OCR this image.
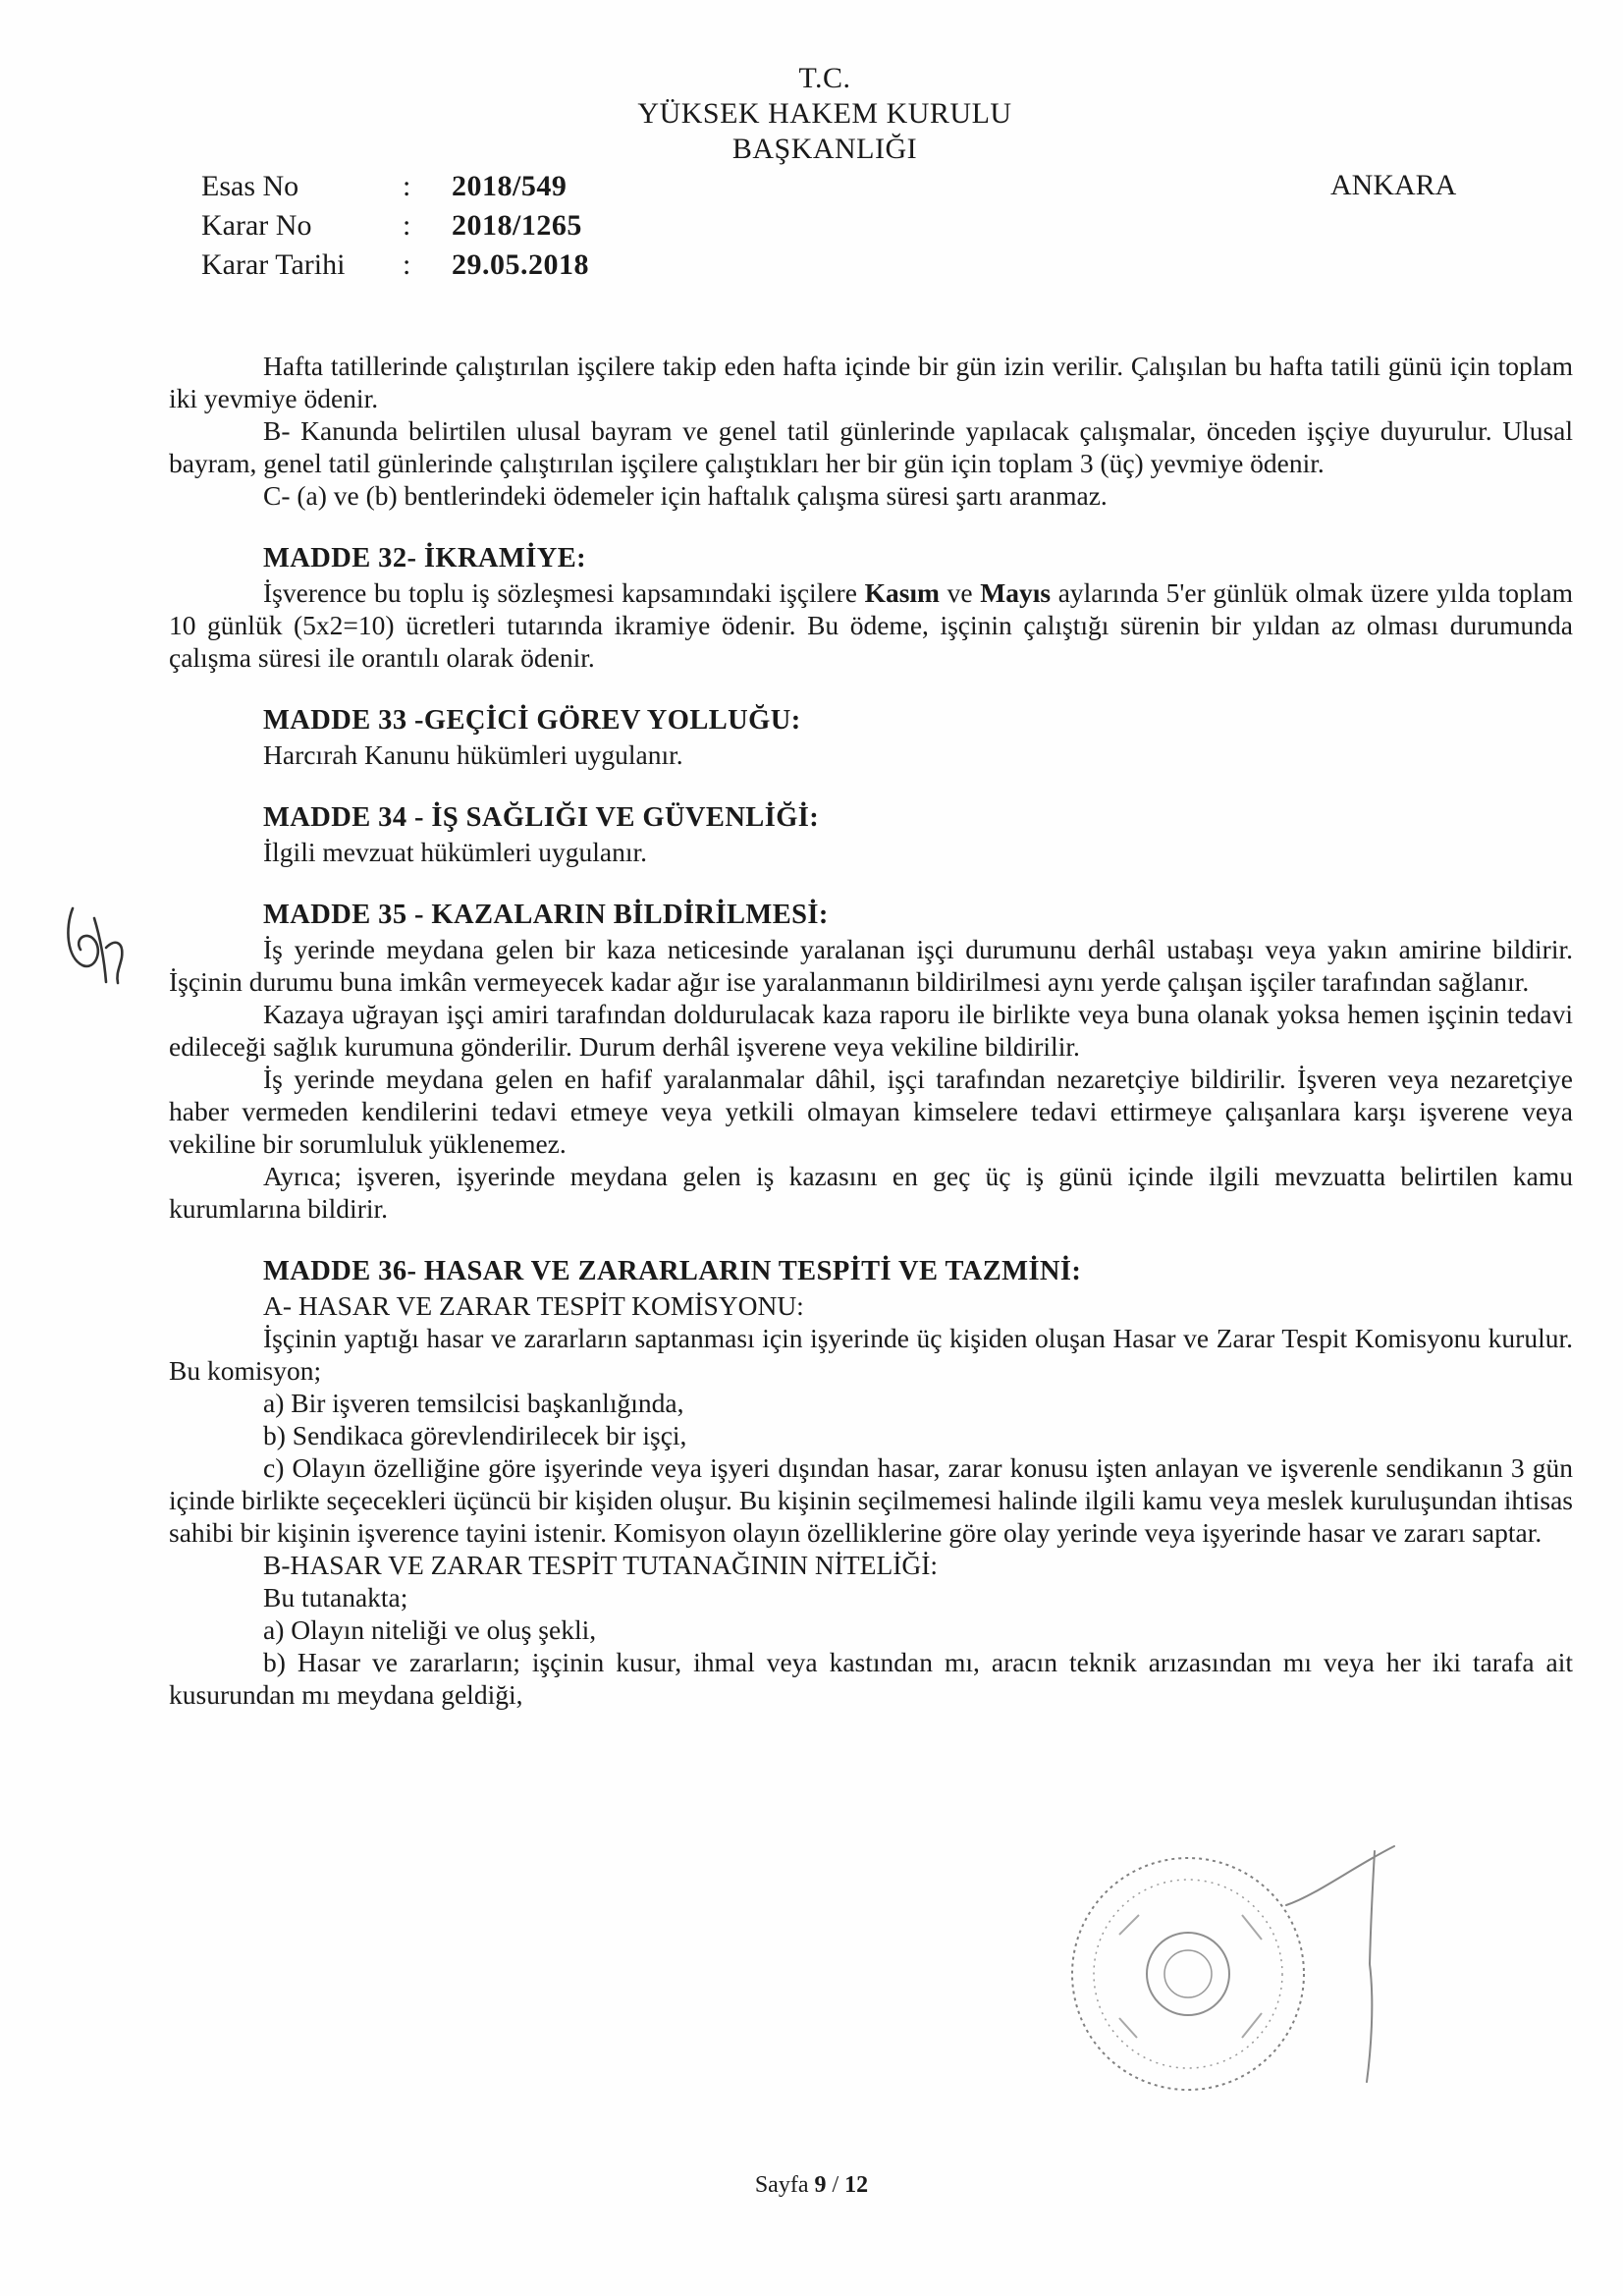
T.C.
YÜKSEK HAKEM KURULU
BAŞKANLIĞI
ANKARA
Esas No	:	2018/549
Karar No	:	2018/1265
Karar Tarihi	:	29.05.2018

Hafta tatillerinde çalıştırılan işçilere takip eden hafta içinde bir gün izin verilir. Çalışılan bu hafta tatili günü için toplam iki yevmiye ödenir.

B- Kanunda belirtilen ulusal bayram ve genel tatil günlerinde yapılacak çalışmalar, önceden işçiye duyurulur. Ulusal bayram, genel tatil günlerinde çalıştırılan işçilere çalıştıkları her bir gün için toplam 3 (üç) yevmiye ödenir.

C- (a) ve (b) bentlerindeki ödemeler için haftalık çalışma süresi şartı aranmaz.

MADDE 32- İKRAMİYE:

İşverence bu toplu iş sözleşmesi kapsamındaki işçilere Kasım ve Mayıs aylarında 5'er günlük olmak üzere yılda toplam 10 günlük (5x2=10) ücretleri tutarında ikramiye ödenir. Bu ödeme, işçinin çalıştığı sürenin bir yıldan az olması durumunda çalışma süresi ile orantılı olarak ödenir.

MADDE 33 -GEÇİCİ GÖREV YOLLUĞU:

Harcırah Kanunu hükümleri uygulanır.

MADDE 34 - İŞ SAĞLIĞI VE GÜVENLİĞİ:

İlgili mevzuat hükümleri uygulanır.

MADDE 35 - KAZALARIN BİLDİRİLMESİ:

İş yerinde meydana gelen bir kaza neticesinde yaralanan işçi durumunu derhâl ustabaşı veya yakın amirine bildirir. İşçinin durumu buna imkân vermeyecek kadar ağır ise yaralanmanın bildirilmesi aynı yerde çalışan işçiler tarafından sağlanır.

Kazaya uğrayan işçi amiri tarafından doldurulacak kaza raporu ile birlikte veya buna olanak yoksa hemen işçinin tedavi edileceği sağlık kurumuna gönderilir. Durum derhâl işverene veya vekiline bildirilir.

İş yerinde meydana gelen en hafif yaralanmalar dâhil, işçi tarafından nezaretçiye bildirilir. İşveren veya nezaretçiye haber vermeden kendilerini tedavi etmeye veya yetkili olmayan kimselere tedavi ettirmeye çalışanlara karşı işverene veya vekiline bir sorumluluk yüklenemez.

Ayrıca; işveren, işyerinde meydana gelen iş kazasını en geç üç iş günü içinde ilgili mevzuatta belirtilen kamu kurumlarına bildirir.

MADDE 36- HASAR VE ZARARLARIN TESPİTİ VE TAZMİNİ:

A- HASAR VE ZARAR TESPİT KOMİSYONU:

İşçinin yaptığı hasar ve zararların saptanması için işyerinde üç kişiden oluşan Hasar ve Zarar Tespit Komisyonu kurulur. Bu komisyon;

a) Bir işveren temsilcisi başkanlığında,

b) Sendikaca görevlendirilecek bir işçi,

c) Olayın özelliğine göre işyerinde veya işyeri dışından hasar, zarar konusu işten anlayan ve işverenle sendikanın 3 gün içinde birlikte seçecekleri üçüncü bir kişiden oluşur. Bu kişinin seçilmemesi halinde ilgili kamu veya meslek kuruluşundan ihtisas sahibi bir kişinin işverence tayini istenir. Komisyon olayın özelliklerine göre olay yerinde veya işyerinde hasar ve zararı saptar.

B-HASAR VE ZARAR TESPİT TUTANAĞININ NİTELİĞİ:

Bu tutanakta;

a) Olayın niteliği ve oluş şekli,

b) Hasar ve zararların; işçinin kusur, ihmal veya kastından mı, aracın teknik arızasından mı veya her iki tarafa ait kusurundan mı meydana geldiği,

Sayfa 9 / 12
